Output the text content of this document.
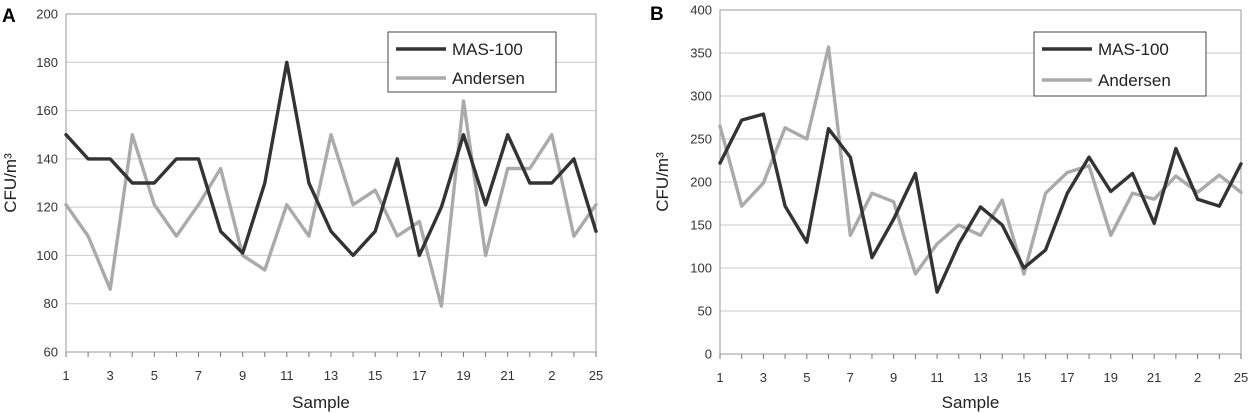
A
60
80
100
120
140
160
180
200
1	3	5	7	9	11 13 15 17 19 21	2	25
Sample
CFU/m³
MAS-100
Andersen
B
0
50
100
150
200
250
300
350
400
1	3	5	7	9	11 13 15 17 19 21	2	25
Sample
CFU/m³
MAS-100
Andersen
